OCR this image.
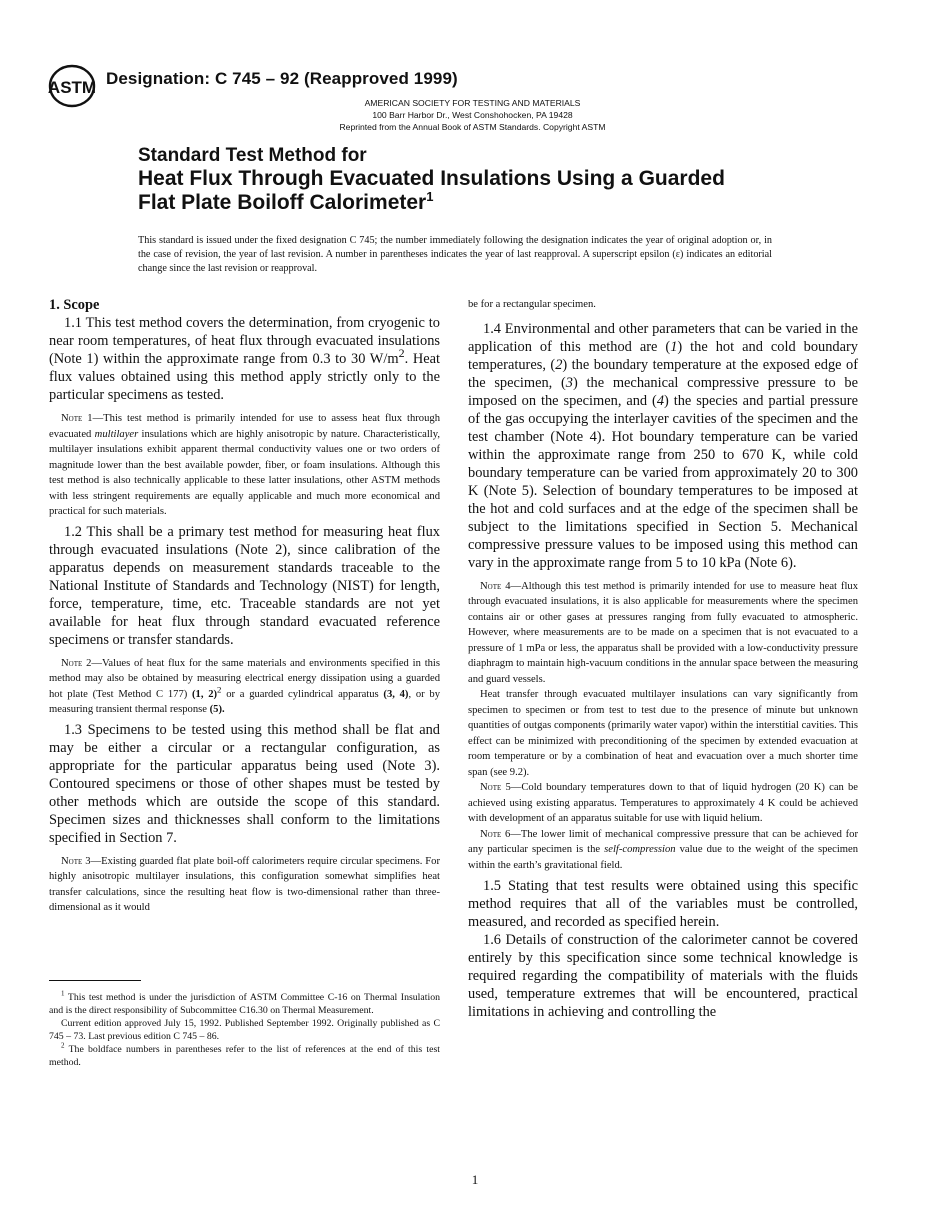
ASTM Designation: C 745 – 92 (Reapproved 1999)
AMERICAN SOCIETY FOR TESTING AND MATERIALS
100 Barr Harbor Dr., West Conshohocken, PA 19428
Reprinted from the Annual Book of ASTM Standards. Copyright ASTM
Standard Test Method for
Heat Flux Through Evacuated Insulations Using a Guarded
Flat Plate Boiloff Calorimeter$^1$
This standard is issued under the fixed designation C 745; the number immediately following the designation indicates the year of original adoption or, in the case of revision, the year of last revision. A number in parentheses indicates the year of last reapproval. A superscript epsilon (ε) indicates an editorial change since the last revision or reapproval.

1. Scope

1.1 This test method covers the determination, from cryogenic to near room temperatures, of heat flux through evacuated insulations (Note 1) within the approximate range from 0.3 to 30 $W/m^2$. Heat flux values obtained using this method apply strictly only to the particular specimens as tested.

Note 1—This test method is primarily intended for use to assess heat flux through evacuated multilayer insulations which are highly anisotropic by nature. Characteristically, multilayer insulations exhibit apparent thermal conductivity values one or two orders of magnitude lower than the best available powder, fiber, or foam insulations. Although this test method is also technically applicable to these latter insulations, other ASTM methods with less stringent requirements are equally applicable and much more economical and practical for such materials.

1.2 This shall be a primary test method for measuring heat flux through evacuated insulations (Note 2), since calibration of the apparatus depends on measurement standards traceable to the National Institute of Standards and Technology (NIST) for length, force, temperature, time, etc. Traceable standards are not yet available for heat flux through standard evacuated reference specimens or transfer standards.

Note 2—Values of heat flux for the same materials and environments specified in this method may also be obtained by measuring electrical energy dissipation using a guarded hot plate (Test Method C 177) (1, 2)$^2$ or a guarded cylindrical apparatus (3, 4), or by measuring transient thermal response (5).

1.3 Specimens to be tested using this method shall be flat and may be either a circular or a rectangular configuration, as appropriate for the particular apparatus being used (Note 3). Contoured specimens or those of other shapes must be tested by other methods which are outside the scope of this standard. Specimen sizes and thicknesses shall conform to the limitations specified in Section 7.

Note 3—Existing guarded flat plate boil-off calorimeters require circular specimens. For highly anisotropic multilayer insulations, this configuration somewhat simplifies heat transfer calculations, since the resulting heat flow is two-dimensional rather than three-dimensional as it would

$^1$ This test method is under the jurisdiction of ASTM Committee C-16 on Thermal Insulation and is the direct responsibility of Subcommittee C16.30 on Thermal Measurement.

Current edition approved July 15, 1992. Published September 1992. Originally published as C 745 – 73. Last previous edition C 745 – 86.

$^2$ The boldface numbers in parentheses refer to the list of references at the end of this test method.

be for a rectangular specimen.

1.4 Environmental and other parameters that can be varied in the application of this method are (1) the hot and cold boundary temperatures, (2) the boundary temperature at the exposed edge of the specimen, (3) the mechanical compressive pressure to be imposed on the specimen, and (4) the species and partial pressure of the gas occupying the interlayer cavities of the specimen and the test chamber (Note 4). Hot boundary temperature can be varied within the approximate range from 250 to 670 K, while cold boundary temperature can be varied from approximately 20 to 300 K (Note 5). Selection of boundary temperatures to be imposed at the hot and cold surfaces and at the edge of the specimen shall be subject to the limitations specified in Section 5. Mechanical compressive pressure values to be imposed using this method can vary in the approximate range from 5 to 10 kPa (Note 6).

Note 4—Although this test method is primarily intended for use to measure heat flux through evacuated insulations, it is also applicable for measurements where the specimen contains air or other gases at pressures ranging from fully evacuated to atmospheric. However, where measurements are to be made on a specimen that is not evacuated to a pressure of 1 mPa or less, the apparatus shall be provided with a low-conductivity pressure diaphragm to maintain high-vacuum conditions in the annular space between the measuring and guard vessels.

Heat transfer through evacuated multilayer insulations can vary significantly from specimen to specimen or from test to test due to the presence of minute but unknown quantities of outgas components (primarily water vapor) within the interstitial cavities. This effect can be minimized with preconditioning of the specimen by extended evacuation at room temperature or by a combination of heat and evacuation over a much shorter time span (see 9.2).

Note 5—Cold boundary temperatures down to that of liquid hydrogen (20 K) can be achieved using existing apparatus. Temperatures to approximately 4 K could be achieved with development of an apparatus suitable for use with liquid helium.

Note 6—The lower limit of mechanical compressive pressure that can be achieved for any particular specimen is the self-compression value due to the weight of the specimen within the earth’s gravitational field.

1.5 Stating that test results were obtained using this specific method requires that all of the variables must be controlled, measured, and recorded as specified herein.

1.6 Details of construction of the calorimeter cannot be covered entirely by this specification since some technical knowledge is required regarding the compatibility of materials with the fluids used, temperature extremes that will be encountered, practical limitations in achieving and controlling the

1
